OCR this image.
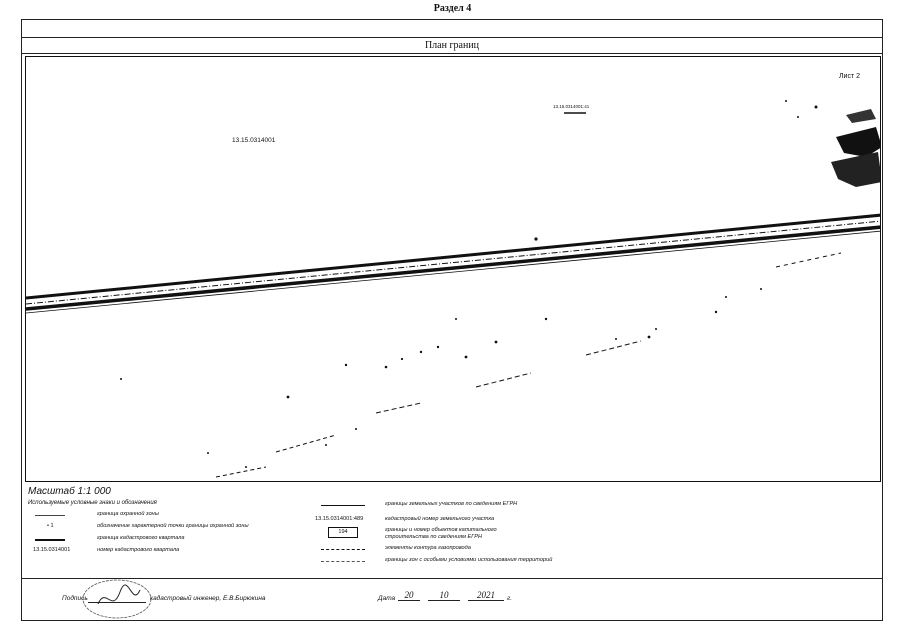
Раздел 4
План границ
Лист 2
13.15.0314001
13.15.0314001:41
Масштаб 1:1 000
Используемые условные знаки и обозначения
граница охранной зоны
• 1	обозначение характерной точки границы охранной зоны
граница кадастрового квартала
13.15.0314001	номер кадастрового квартала
границы земельных участков по сведениям ЕГРН
13.15.0314001:489	кадастровый номер земельного участка
194	границы и номер объектов капитального строительства по сведениям ЕГРН
элементы контура газопровода
границы зон с особыми условиями использования территорий
Подпись	кадастровый инженер, Е.В.Бирюкина	Дата	20	10	2021	г.
